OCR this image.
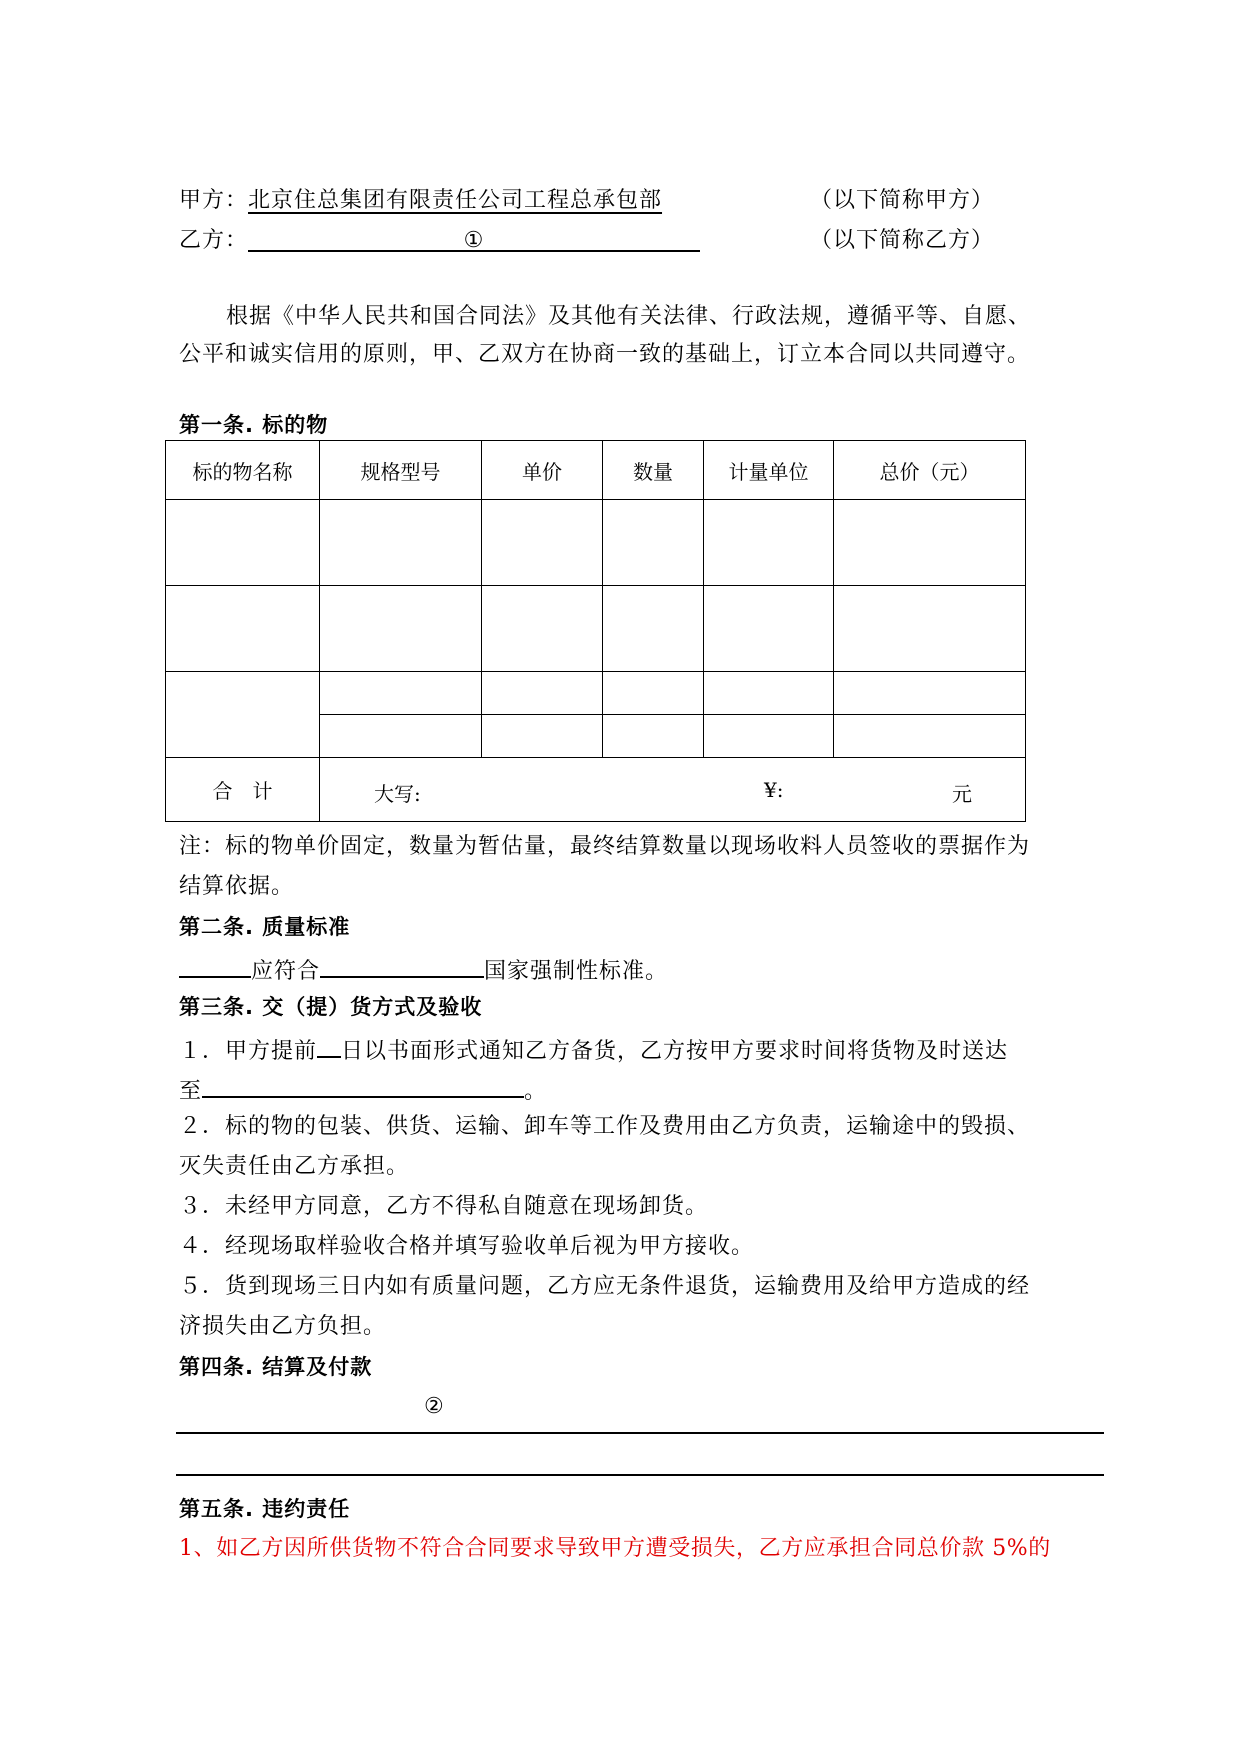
甲方：北京住总集团有限责任公司工程总承包部	（以下简称甲方）
乙方：	①	（以下简称乙方）
根据《中华人民共和国合同法》及其他有关法律、行政法规，遵循平等、自愿、
公平和诚实信用的原则，甲、乙双方在协商一致的基础上，订立本合同以共同遵守。
第一条. 标的物
标的物名称	规格型号	单价	数量	计量单位	总价（元）

合　计	大写: ¥: 元				
注：标的物单价固定，数量为暂估量，最终结算数量以现场收料人员签收的票据作为
结算依据。
第二条. 质量标准
应符合	国家强制性标准。
第三条. 交（提）货方式及验收
１．甲方提前 日以书面形式通知乙方备货，乙方按甲方要求时间将货物及时送达
至	。
２．标的物的包装、供货、运输、卸车等工作及费用由乙方负责，运输途中的毁损、
灭失责任由乙方承担。
３．未经甲方同意，乙方不得私自随意在现场卸货。
４．经现场取样验收合格并填写验收单后视为甲方接收。
５．货到现场三日内如有质量问题，乙方应无条件退货，运输费用及给甲方造成的经
济损失由乙方负担。
第四条. 结算及付款
②
第五条. 违约责任
1、如乙方因所供货物不符合合同要求导致甲方遭受损失，乙方应承担合同总价款 5%的
